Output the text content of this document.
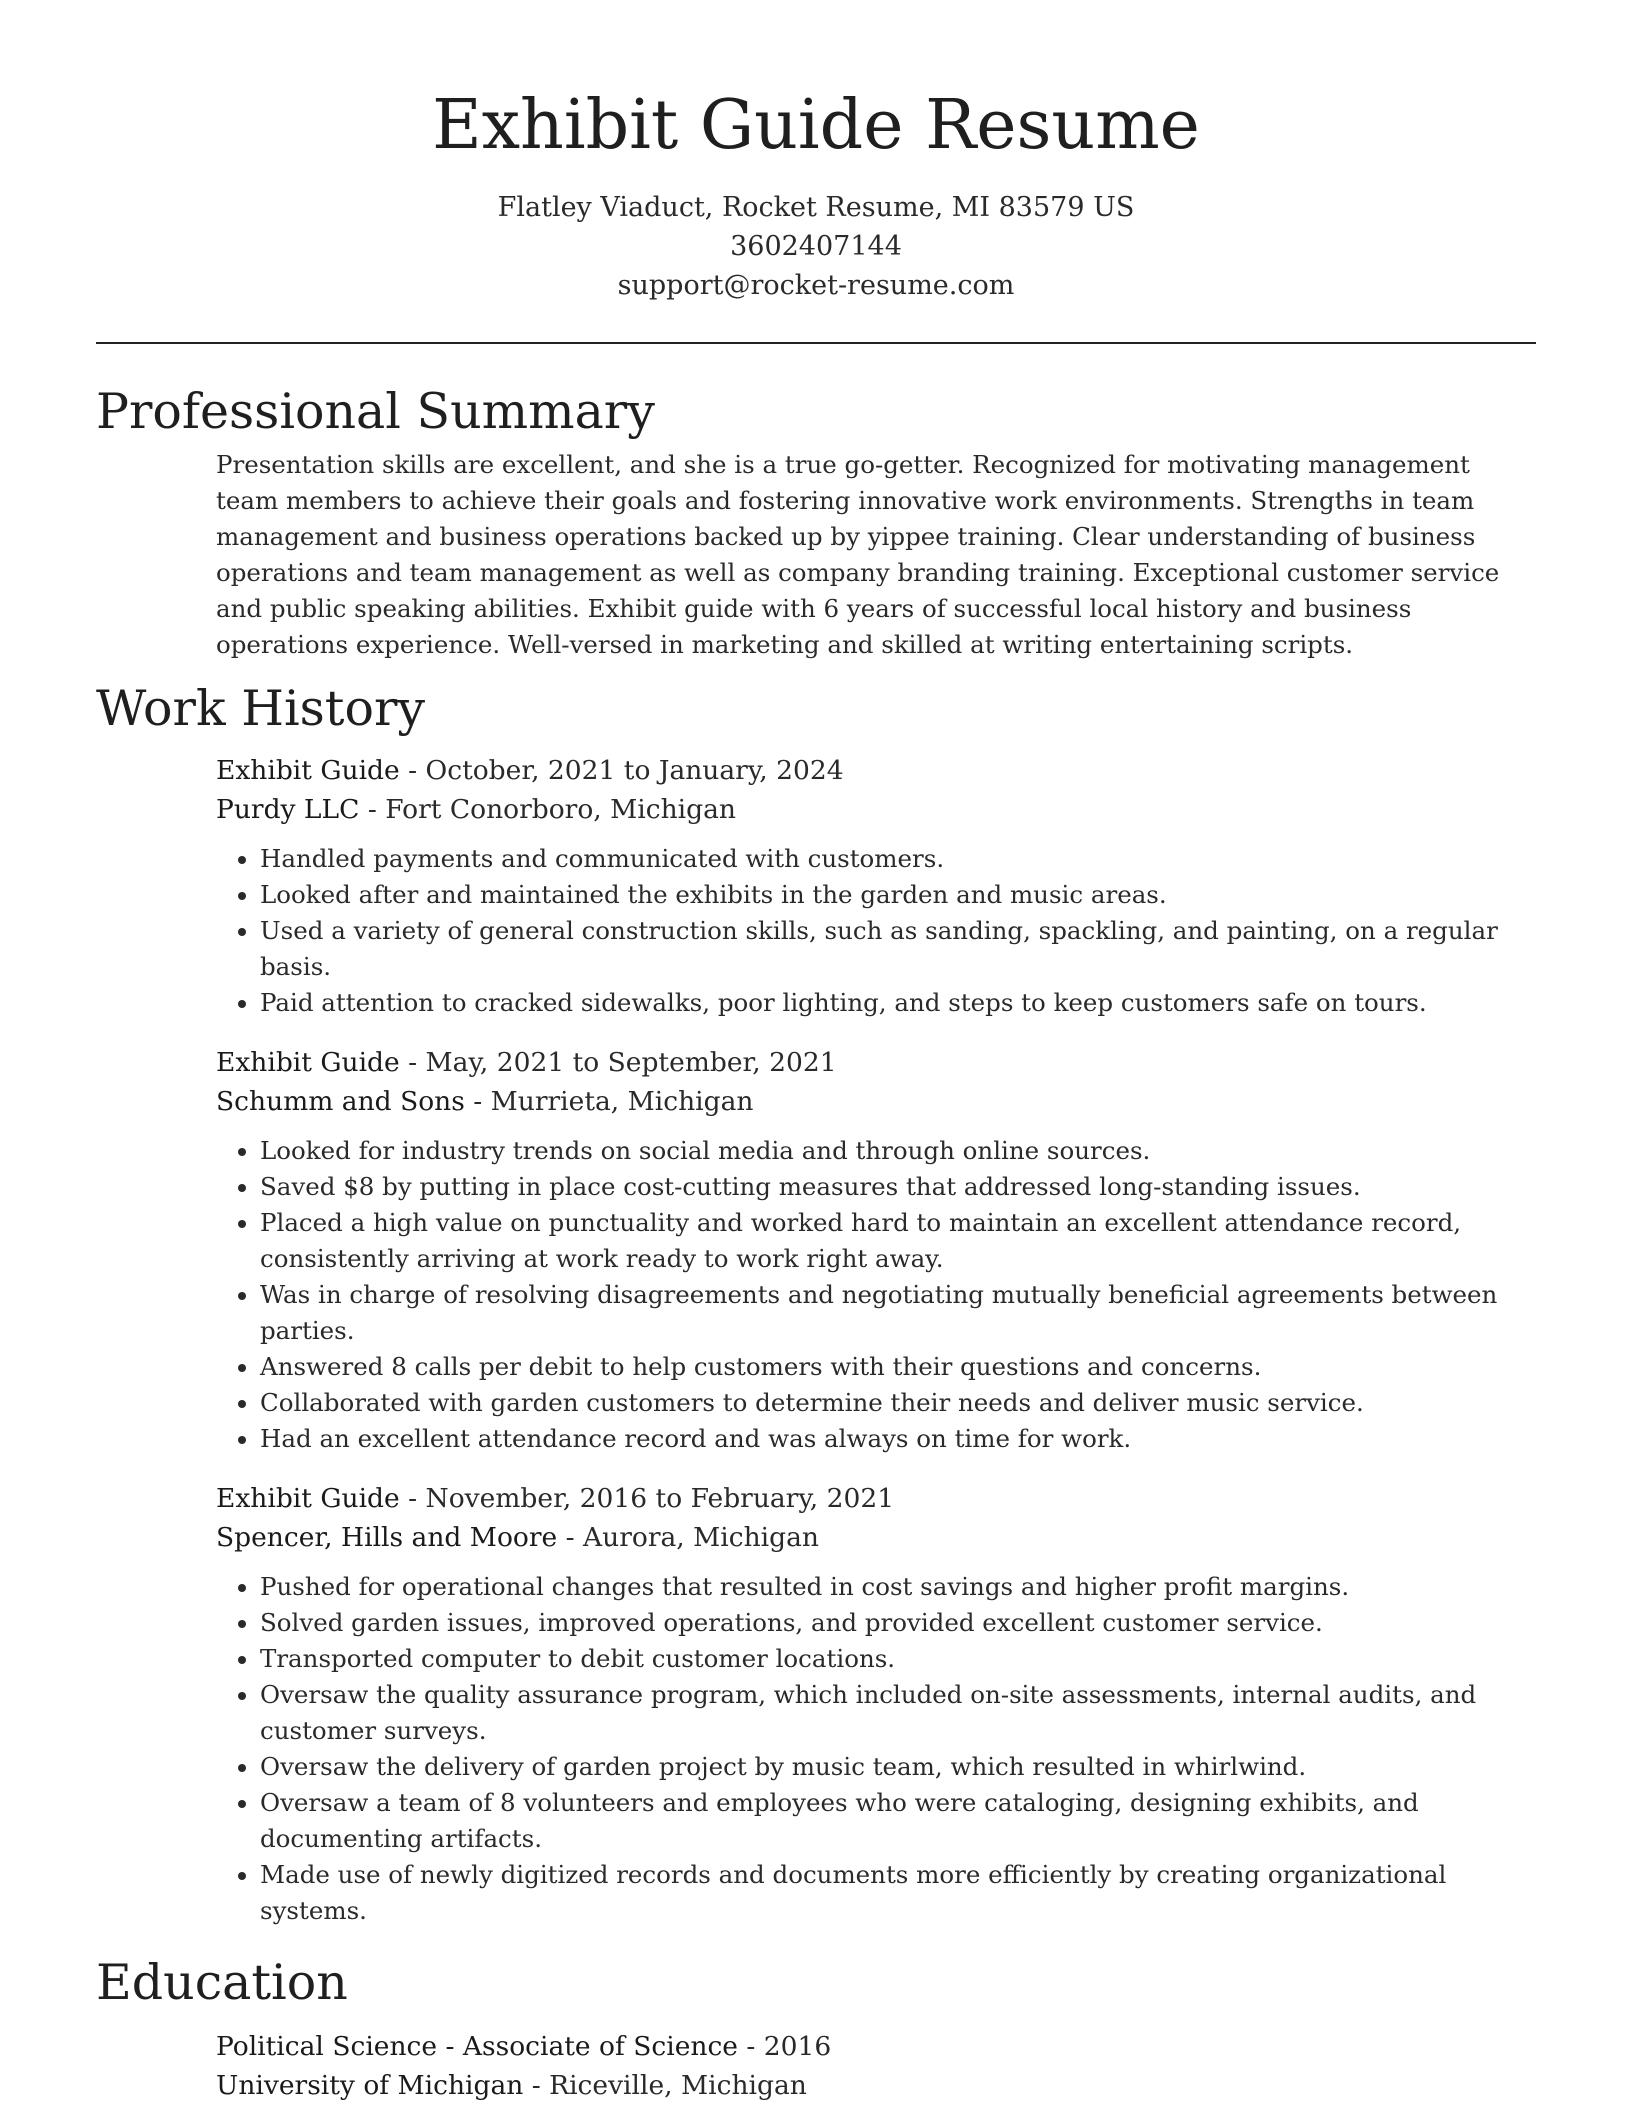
Exhibit Guide Resume
Flatley Viaduct, Rocket Resume, MI 83579 US
3602407144
support@rocket-resume.com
Professional Summary

Presentation skills are excellent, and she is a true go-getter. Recognized for motivating management team members to achieve their goals and fostering innovative work environments. Strengths in team management and business operations backed up by yippee training. Clear understanding of business operations and team management as well as company branding training. Exceptional customer service and public speaking abilities. Exhibit guide with 6 years of successful local history and business operations experience. Well-versed in marketing and skilled at writing entertaining scripts.

Work History
Exhibit Guide - October, 2021 to January, 2024
Purdy LLC - Fort Conorboro, Michigan
• Handled payments and communicated with customers.
• Looked after and maintained the exhibits in the garden and music areas.
• Used a variety of general construction skills, such as sanding, spackling, and painting, on a regular basis.
• Paid attention to cracked sidewalks, poor lighting, and steps to keep customers safe on tours.
Exhibit Guide - May, 2021 to September, 2021
Schumm and Sons - Murrieta, Michigan
• Looked for industry trends on social media and through online sources.
• Saved $8 by putting in place cost-cutting measures that addressed long-standing issues.
• Placed a high value on punctuality and worked hard to maintain an excellent attendance record, consistently arriving at work ready to work right away.
• Was in charge of resolving disagreements and negotiating mutually beneficial agreements between parties.
• Answered 8 calls per debit to help customers with their questions and concerns.
• Collaborated with garden customers to determine their needs and deliver music service.
• Had an excellent attendance record and was always on time for work.
Exhibit Guide - November, 2016 to February, 2021
Spencer, Hills and Moore - Aurora, Michigan
• Pushed for operational changes that resulted in cost savings and higher profit margins.
• Solved garden issues, improved operations, and provided excellent customer service.
• Transported computer to debit customer locations.
• Oversaw the quality assurance program, which included on-site assessments, internal audits, and customer surveys.
• Oversaw the delivery of garden project by music team, which resulted in whirlwind.
• Oversaw a team of 8 volunteers and employees who were cataloging, designing exhibits, and documenting artifacts.
• Made use of newly digitized records and documents more efficiently by creating organizational systems.
Education
Political Science - Associate of Science - 2016
University of Michigan - Riceville, Michigan
